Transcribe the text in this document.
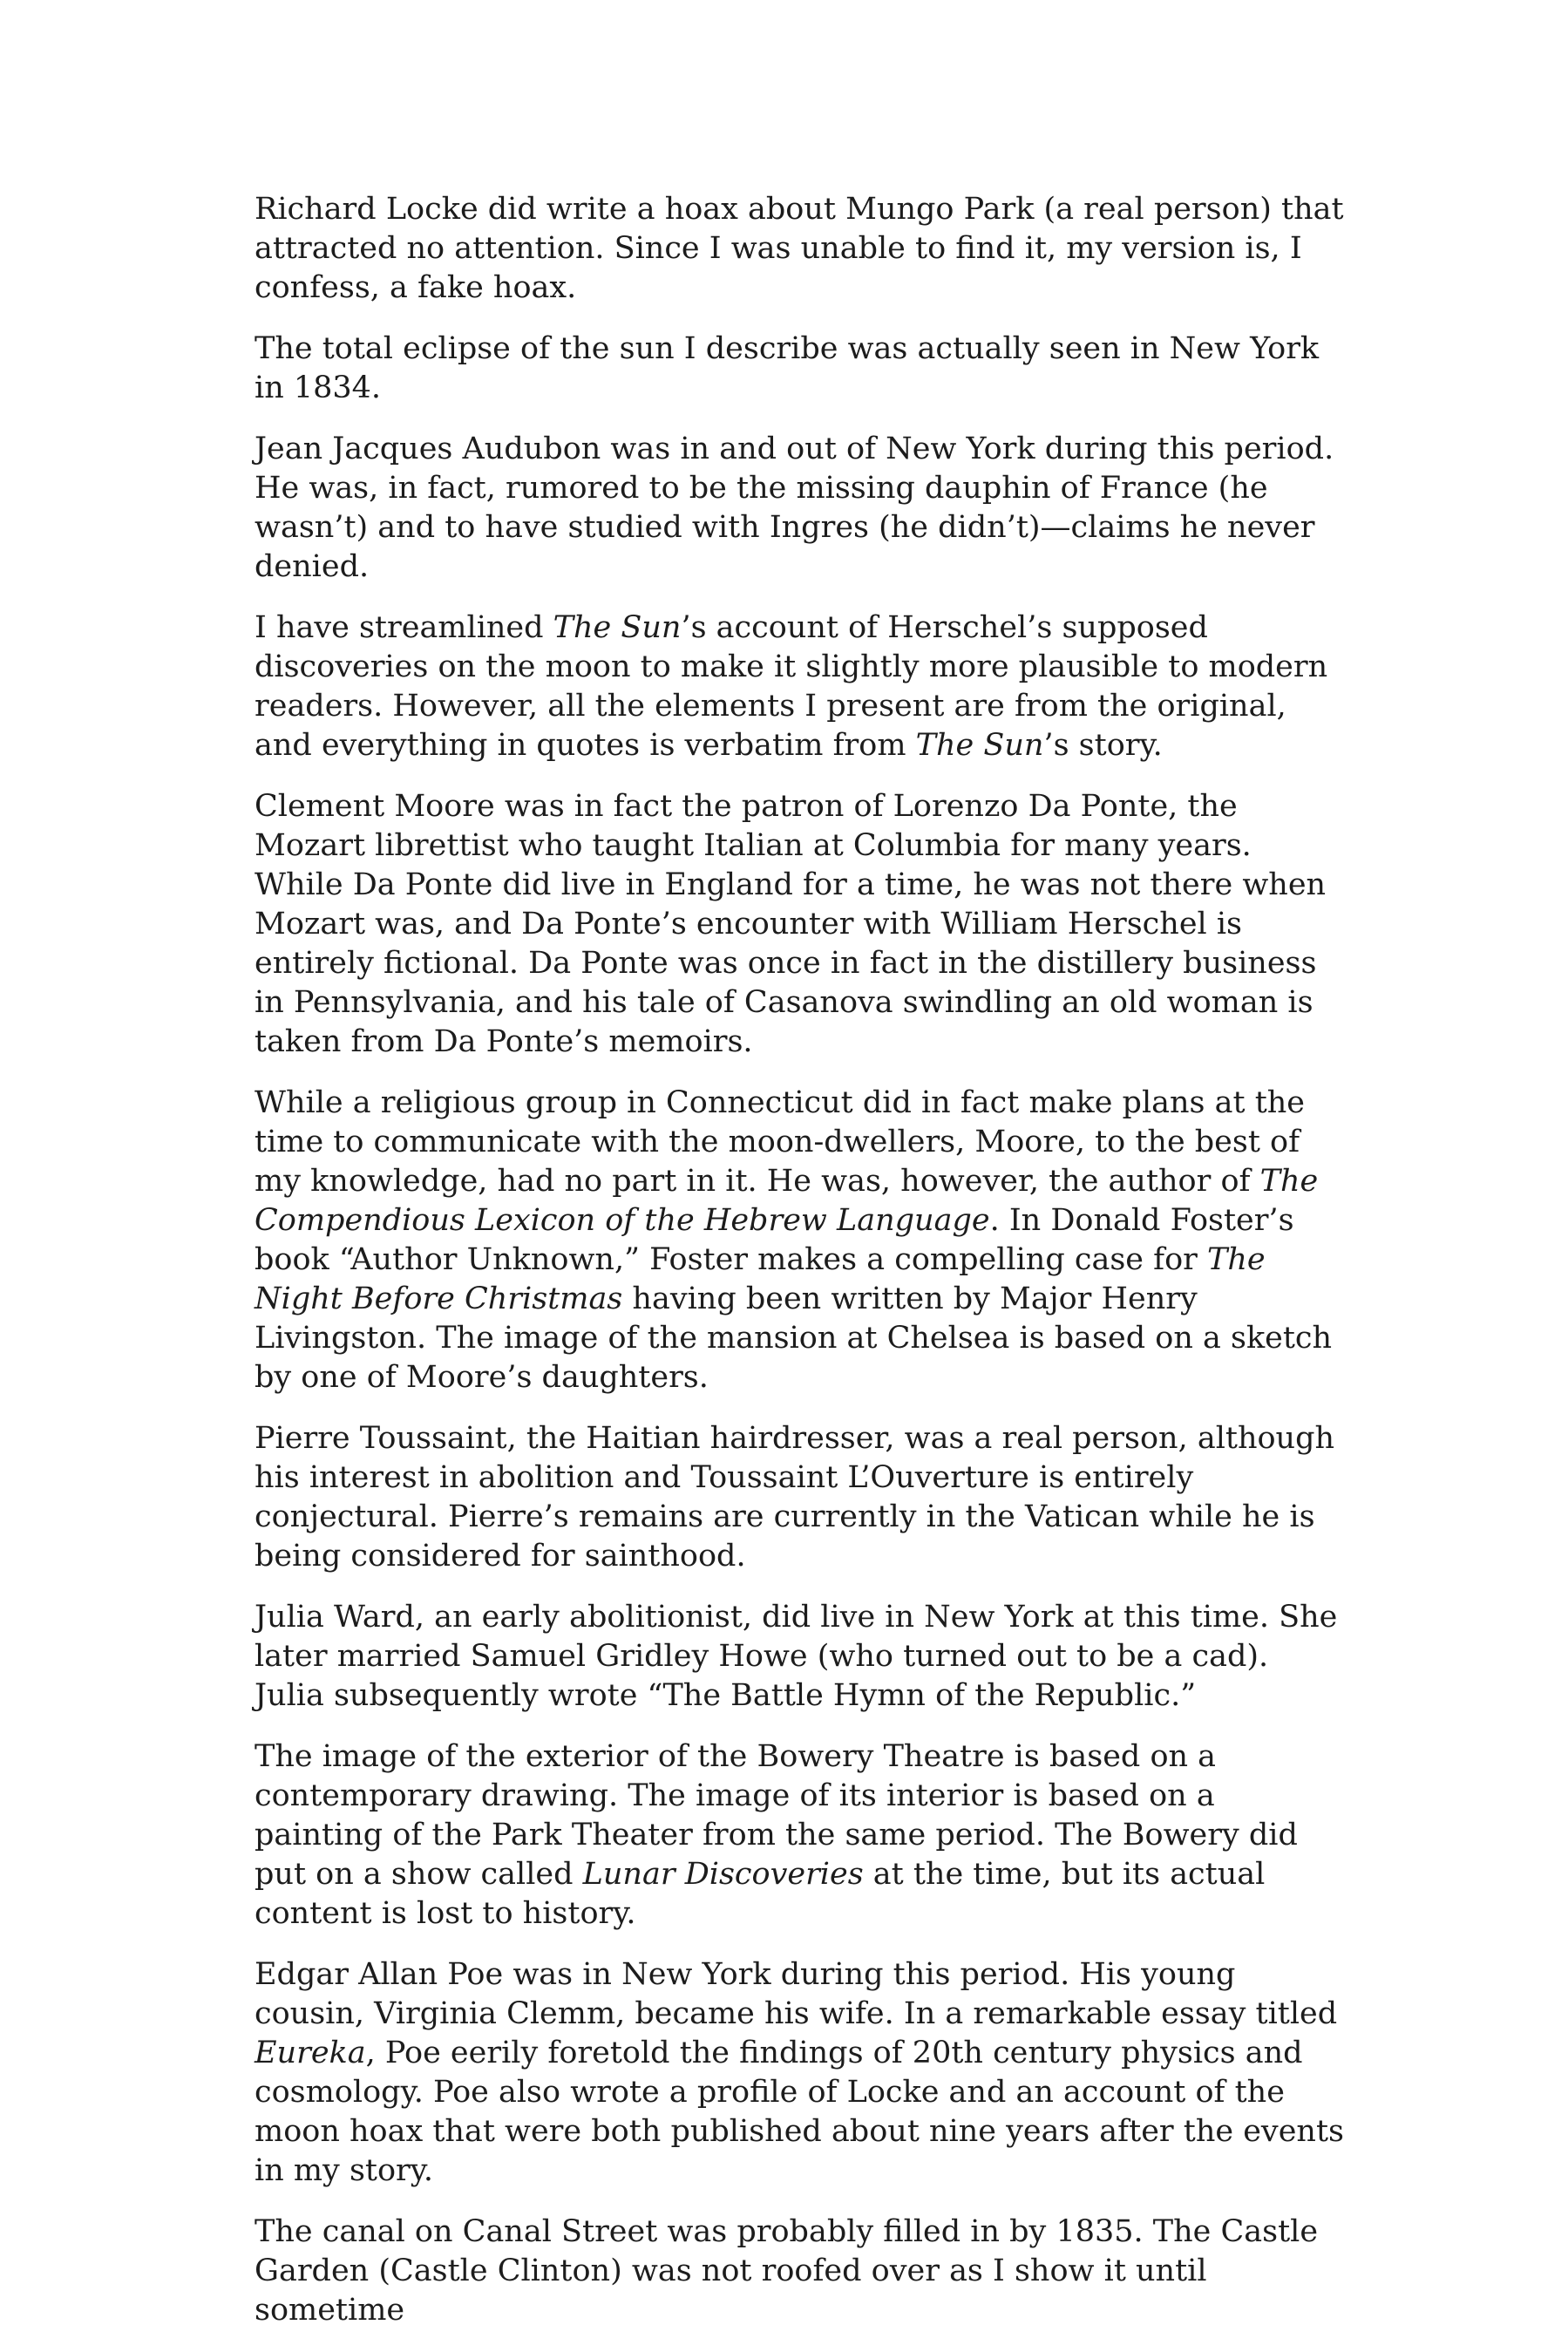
Richard Locke did write a hoax about Mungo Park (a real person) that attracted no attention. Since I was unable to find it, my version is, I confess, a fake hoax.

The total eclipse of the sun I describe was actually seen in New York in 1834.

Jean Jacques Audubon was in and out of New York during this period. He was, in fact, rumored to be the missing dauphin of France (he wasn’t) and to have studied with Ingres (he didn’t)—claims he never denied.

I have streamlined The Sun’s account of Herschel’s supposed discoveries on the moon to make it slightly more plausible to modern readers. However, all the elements I present are from the original, and everything in quotes is verbatim from The Sun’s story.

Clement Moore was in fact the patron of Lorenzo Da Ponte, the Mozart librettist who taught Italian at Columbia for many years. While Da Ponte did live in England for a time, he was not there when Mozart was, and Da Ponte’s encounter with William Herschel is entirely fictional. Da Ponte was once in fact in the distillery business in Pennsylvania, and his tale of Casanova swindling an old woman is taken from Da Ponte’s memoirs.

While a religious group in Connecticut did in fact make plans at the time to communicate with the moon-dwellers, Moore, to the best of my knowledge, had no part in it. He was, however, the author of The Compendious Lexicon of the Hebrew Language. In Donald Foster’s book “Author Unknown,” Foster makes a compelling case for The Night Before Christmas having been written by Major Henry Livingston. The image of the mansion at Chelsea is based on a sketch by one of Moore’s daughters.

Pierre Toussaint, the Haitian hairdresser, was a real person, although his interest in abolition and Toussaint L’Ouverture is entirely conjectural. Pierre’s remains are currently in the Vatican while he is being considered for sainthood.

Julia Ward, an early abolitionist, did live in New York at this time. She later married Samuel Gridley Howe (who turned out to be a cad). Julia subsequently wrote “The Battle Hymn of the Republic.”

The image of the exterior of the Bowery Theatre is based on a contemporary drawing. The image of its interior is based on a painting of the Park Theater from the same period. The Bowery did put on a show called Lunar Discoveries at the time, but its actual content is lost to history.

Edgar Allan Poe was in New York during this period. His young cousin, Virginia Clemm, became his wife. In a remarkable essay titled Eureka, Poe eerily foretold the findings of 20th century physics and cosmology. Poe also wrote a profile of Locke and an account of the moon hoax that were both published about nine years after the events in my story.

The canal on Canal Street was probably filled in by 1835. The Castle Garden (Castle Clinton) was not roofed over as I show it until sometime
